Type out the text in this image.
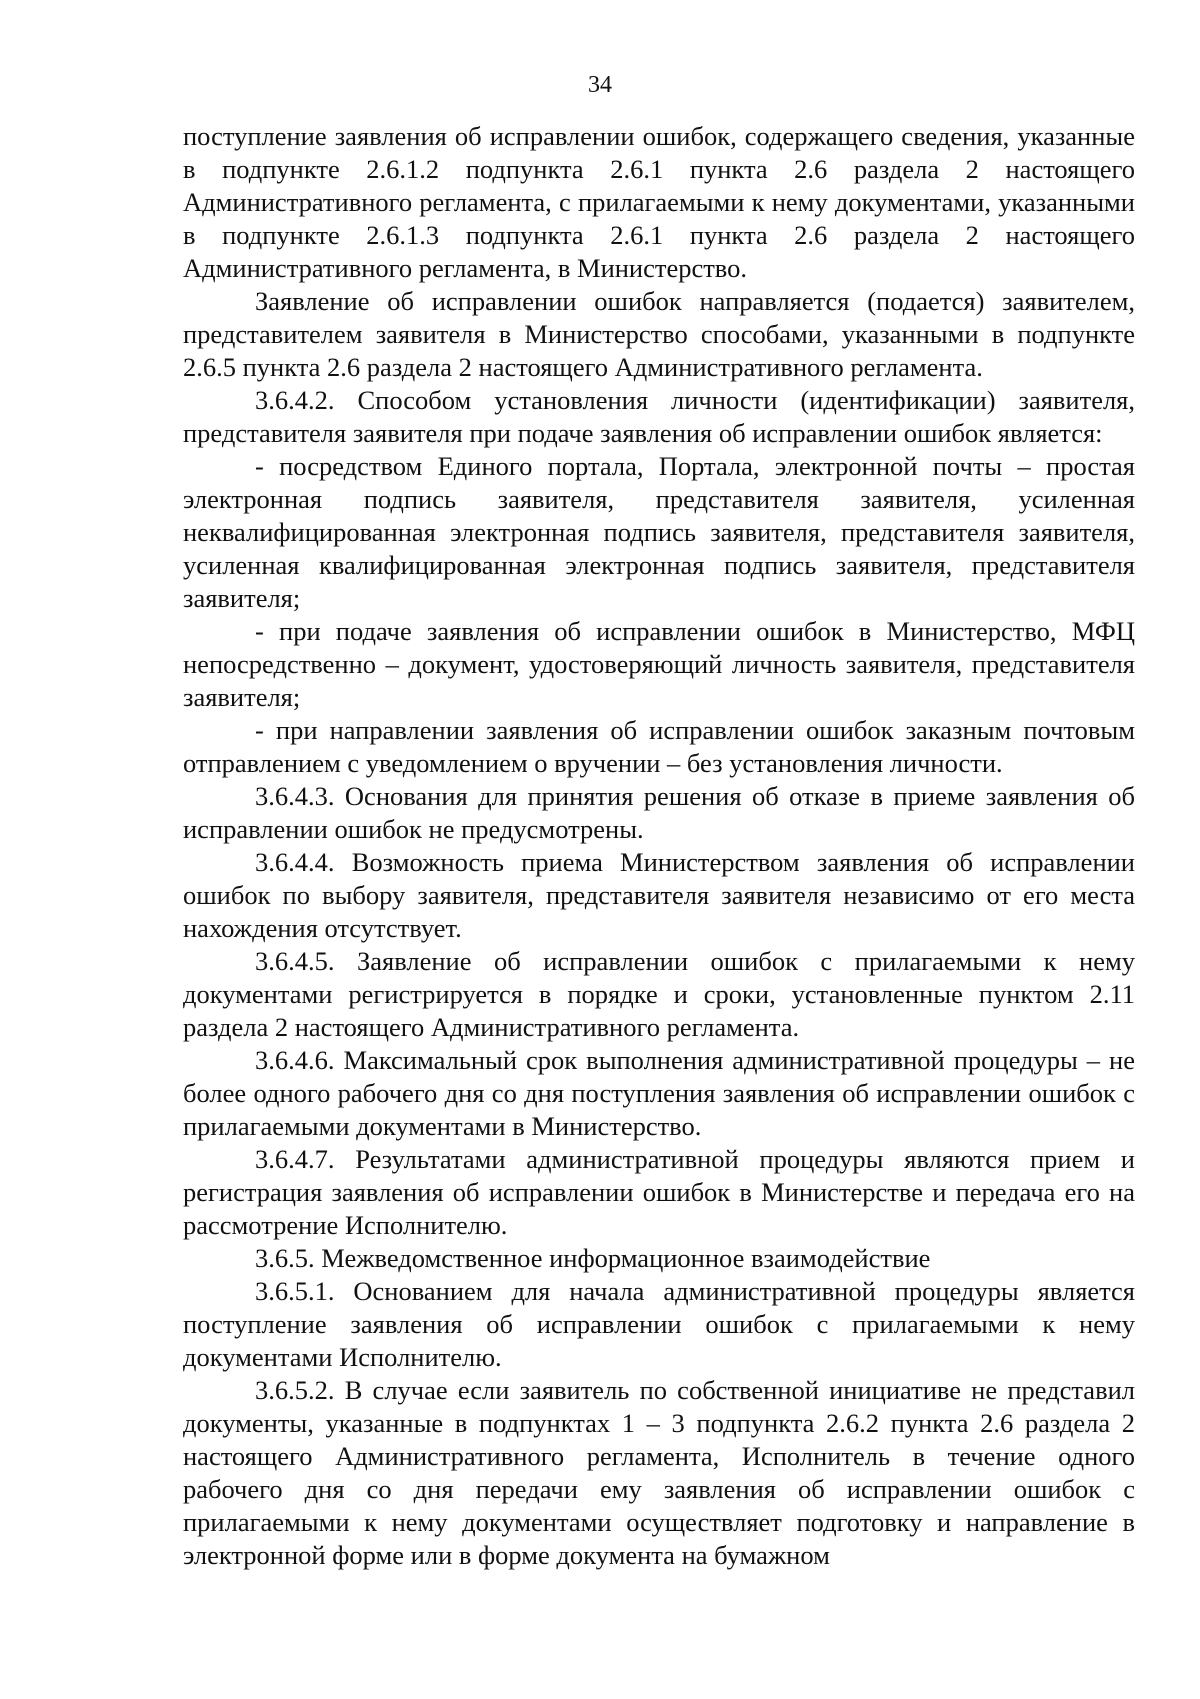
34

поступление заявления об исправлении ошибок, содержащего сведения, указанные в подпункте 2.6.1.2 подпункта 2.6.1 пункта 2.6 раздела 2 настоящего Административного регламента, с прилагаемыми к нему документами, указанными в подпункте 2.6.1.3 подпункта 2.6.1 пункта 2.6 раздела 2 настоящего Административного регламента, в Министерство.

Заявление об исправлении ошибок направляется (подается) заявителем, представителем заявителя в Министерство способами, указанными в подпункте 2.6.5 пункта 2.6 раздела 2 настоящего Административного регламента.

3.6.4.2. Способом установления личности (идентификации) заявителя, представителя заявителя при подаче заявления об исправлении ошибок является:

- посредством Единого портала, Портала, электронной почты – простая электронная подпись заявителя, представителя заявителя, усиленная неквалифицированная электронная подпись заявителя, представителя заявителя, усиленная квалифицированная электронная подпись заявителя, представителя заявителя;

- при подаче заявления об исправлении ошибок в Министерство, МФЦ непосредственно – документ, удостоверяющий личность заявителя, представителя заявителя;

- при направлении заявления об исправлении ошибок заказным почтовым отправлением с уведомлением о вручении – без установления личности.

3.6.4.3. Основания для принятия решения об отказе в приеме заявления об исправлении ошибок не предусмотрены.

3.6.4.4. Возможность приема Министерством заявления об исправлении ошибок по выбору заявителя, представителя заявителя независимо от его места нахождения отсутствует.

3.6.4.5. Заявление об исправлении ошибок с прилагаемыми к нему документами регистрируется в порядке и сроки, установленные пунктом 2.11 раздела 2 настоящего Административного регламента.

3.6.4.6. Максимальный срок выполнения административной процедуры – не более одного рабочего дня со дня поступления заявления об исправлении ошибок с прилагаемыми документами в Министерство.

3.6.4.7. Результатами административной процедуры являются прием и регистрация заявления об исправлении ошибок в Министерстве и передача его на рассмотрение Исполнителю.

3.6.5. Межведомственное информационное взаимодействие

3.6.5.1. Основанием для начала административной процедуры является поступление заявления об исправлении ошибок с прилагаемыми к нему документами Исполнителю.

3.6.5.2. В случае если заявитель по собственной инициативе не представил документы, указанные в подпунктах 1 – 3 подпункта 2.6.2 пункта 2.6 раздела 2 настоящего Административного регламента, Исполнитель в течение одного рабочего дня со дня передачи ему заявления об исправлении ошибок с прилагаемыми к нему документами осуществляет подготовку и направление в электронной форме или в форме документа на бумажном
